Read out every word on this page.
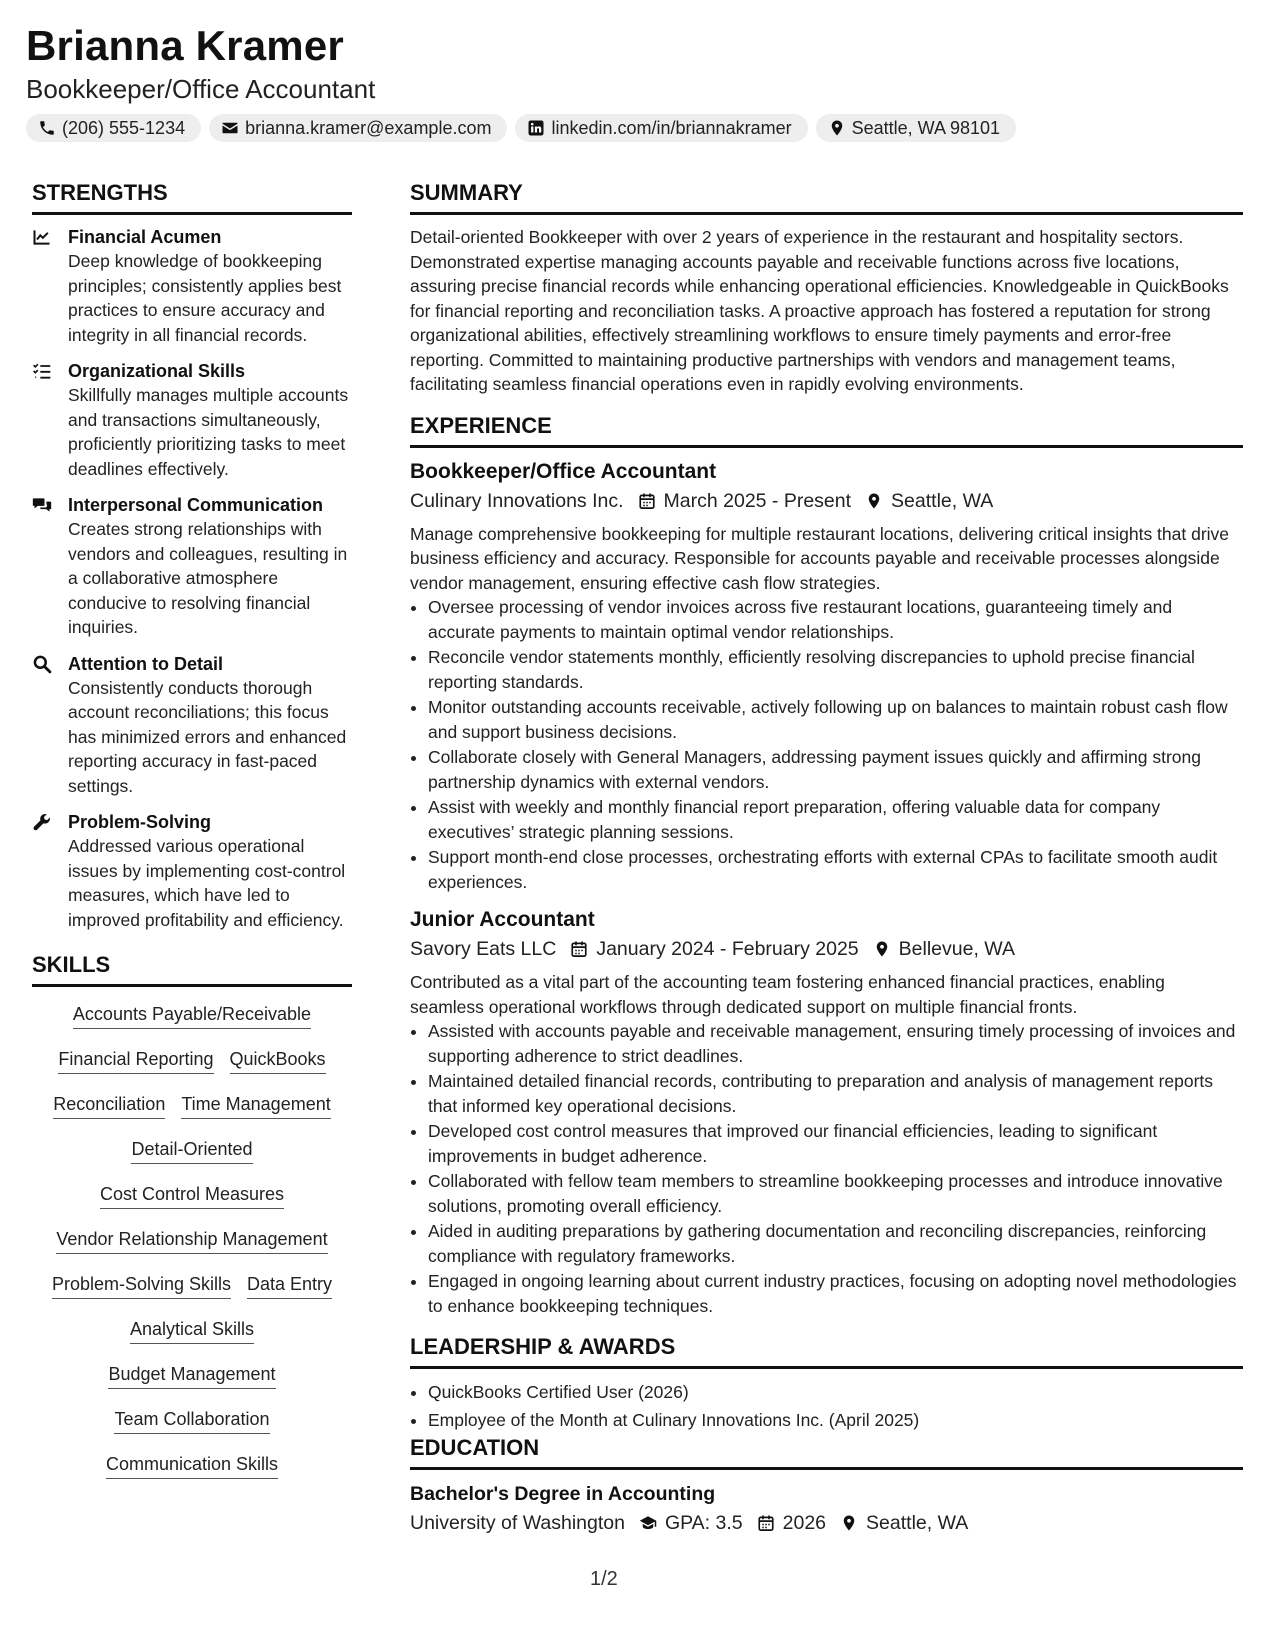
Brianna Kramer
Bookkeeper/Office Accountant
(206) 555-1234	brianna.kramer@example.com	linkedin.com/in/briannakramer	Seattle, WA 98101
STRENGTHS
Financial Acumen
Deep knowledge of bookkeeping principles; consistently applies best practices to ensure accuracy and integrity in all financial records.
Organizational Skills
Skillfully manages multiple accounts and transactions simultaneously, proficiently prioritizing tasks to meet deadlines effectively.
Interpersonal Communication
Creates strong relationships with vendors and colleagues, resulting in a collaborative atmosphere conducive to resolving financial inquiries.
Attention to Detail
Consistently conducts thorough account reconciliations; this focus has minimized errors and enhanced reporting accuracy in fast-paced settings.
Problem-Solving
Addressed various operational issues by implementing cost-control measures, which have led to improved profitability and efficiency.
SKILLS
Accounts Payable/Receivable
Financial Reporting QuickBooks
Reconciliation Time Management
Detail-Oriented
Cost Control Measures
Vendor Relationship Management
Problem-Solving Skills Data Entry
Analytical Skills
Budget Management
Team Collaboration
Communication Skills
SUMMARY
Detail-oriented Bookkeeper with over 2 years of experience in the restaurant and hospitality sectors. Demonstrated expertise managing accounts payable and receivable functions across five locations, assuring precise financial records while enhancing operational efficiencies. Knowledgeable in QuickBooks for financial reporting and reconciliation tasks. A proactive approach has fostered a reputation for strong organizational abilities, effectively streamlining workflows to ensure timely payments and error-free reporting. Committed to maintaining productive partnerships with vendors and management teams, facilitating seamless financial operations even in rapidly evolving environments.
EXPERIENCE
Bookkeeper/Office Accountant
Culinary Innovations Inc. March 2025 - Present Seattle, WA
Manage comprehensive bookkeeping for multiple restaurant locations, delivering critical insights that drive business efficiency and accuracy. Responsible for accounts payable and receivable processes alongside vendor management, ensuring effective cash flow strategies.
• Oversee processing of vendor invoices across five restaurant locations, guaranteeing timely and accurate payments to maintain optimal vendor relationships.
• Reconcile vendor statements monthly, efficiently resolving discrepancies to uphold precise financial reporting standards.
• Monitor outstanding accounts receivable, actively following up on balances to maintain robust cash flow and support business decisions.
• Collaborate closely with General Managers, addressing payment issues quickly and affirming strong partnership dynamics with external vendors.
• Assist with weekly and monthly financial report preparation, offering valuable data for company executives’ strategic planning sessions.
• Support month-end close processes, orchestrating efforts with external CPAs to facilitate smooth audit experiences.
Junior Accountant
Savory Eats LLC January 2024 - February 2025 Bellevue, WA
Contributed as a vital part of the accounting team fostering enhanced financial practices, enabling seamless operational workflows through dedicated support on multiple financial fronts.
• Assisted with accounts payable and receivable management, ensuring timely processing of invoices and supporting adherence to strict deadlines.
• Maintained detailed financial records, contributing to preparation and analysis of management reports that informed key operational decisions.
• Developed cost control measures that improved our financial efficiencies, leading to significant improvements in budget adherence.
• Collaborated with fellow team members to streamline bookkeeping processes and introduce innovative solutions, promoting overall efficiency.
• Aided in auditing preparations by gathering documentation and reconciling discrepancies, reinforcing compliance with regulatory frameworks.
• Engaged in ongoing learning about current industry practices, focusing on adopting novel methodologies to enhance bookkeeping techniques.
LEADERSHIP & AWARDS
• QuickBooks Certified User (2026)
• Employee of the Month at Culinary Innovations Inc. (April 2025)
EDUCATION
Bachelor's Degree in Accounting
University of Washington GPA: 3.5 2026 Seattle, WA
1/2
